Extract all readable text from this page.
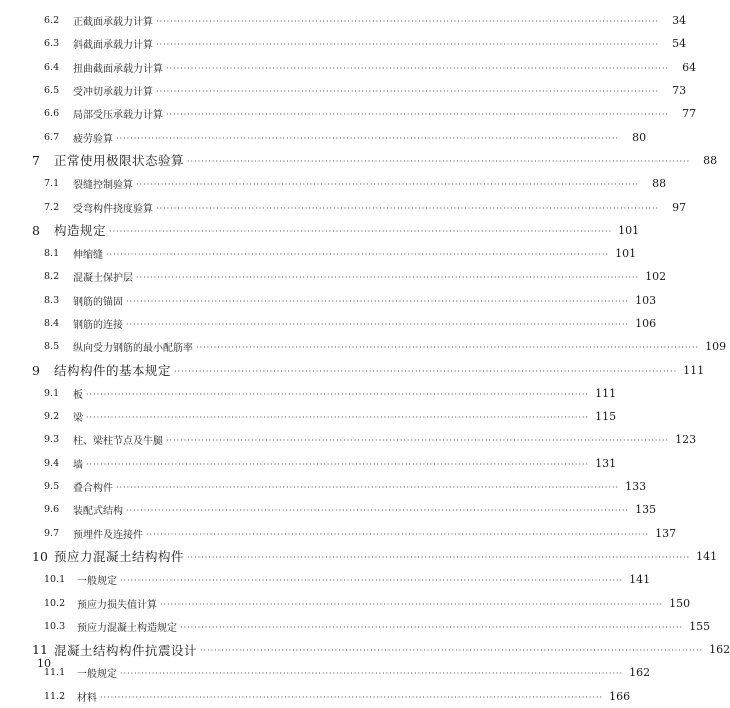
6.2	正截面承载力计算 ·····	34
6.3	斜截面承载力计算 ·····	54
6.4	扭曲截面承载力计算 ·····	64
6.5	受冲切承载力计算 ·····	73
6.6	局部受压承载力计算 ·····	77
6.7	疲劳验算 ·····	80
7	正常使用极限状态验算 ·····	88
7.1	裂缝控制验算 ·····	88
7.2	受弯构件挠度验算 ·····	97
8	构造规定 ·····	101
8.1	伸缩缝 ·····	101
8.2	混凝土保护层 ·····	102
8.3	钢筋的锚固 ·····	103
8.4	钢筋的连接 ·····	106
8.5	纵向受力钢筋的最小配筋率 ·····	109
9	结构构件的基本规定 ·····	111
9.1	板 ·····	111
9.2	梁 ·····	115
9.3	柱、梁柱节点及牛腿 ·····	123
9.4	墙 ·····	131
9.5	叠合构件 ·····	133
9.6	装配式结构 ·····	135
9.7	预埋件及连接件 ·····	137
10 预应力混凝土结构构件 ·····	141
10.1	一般规定 ·····	141
10.2	预应力损失值计算 ·····	150
10.3	预应力混凝土构造规定 ·····	155
11 混凝土结构构件抗震设计 ·····	162
11.1	一般规定 ·····	162
11.2	材料 ·····	166
10
